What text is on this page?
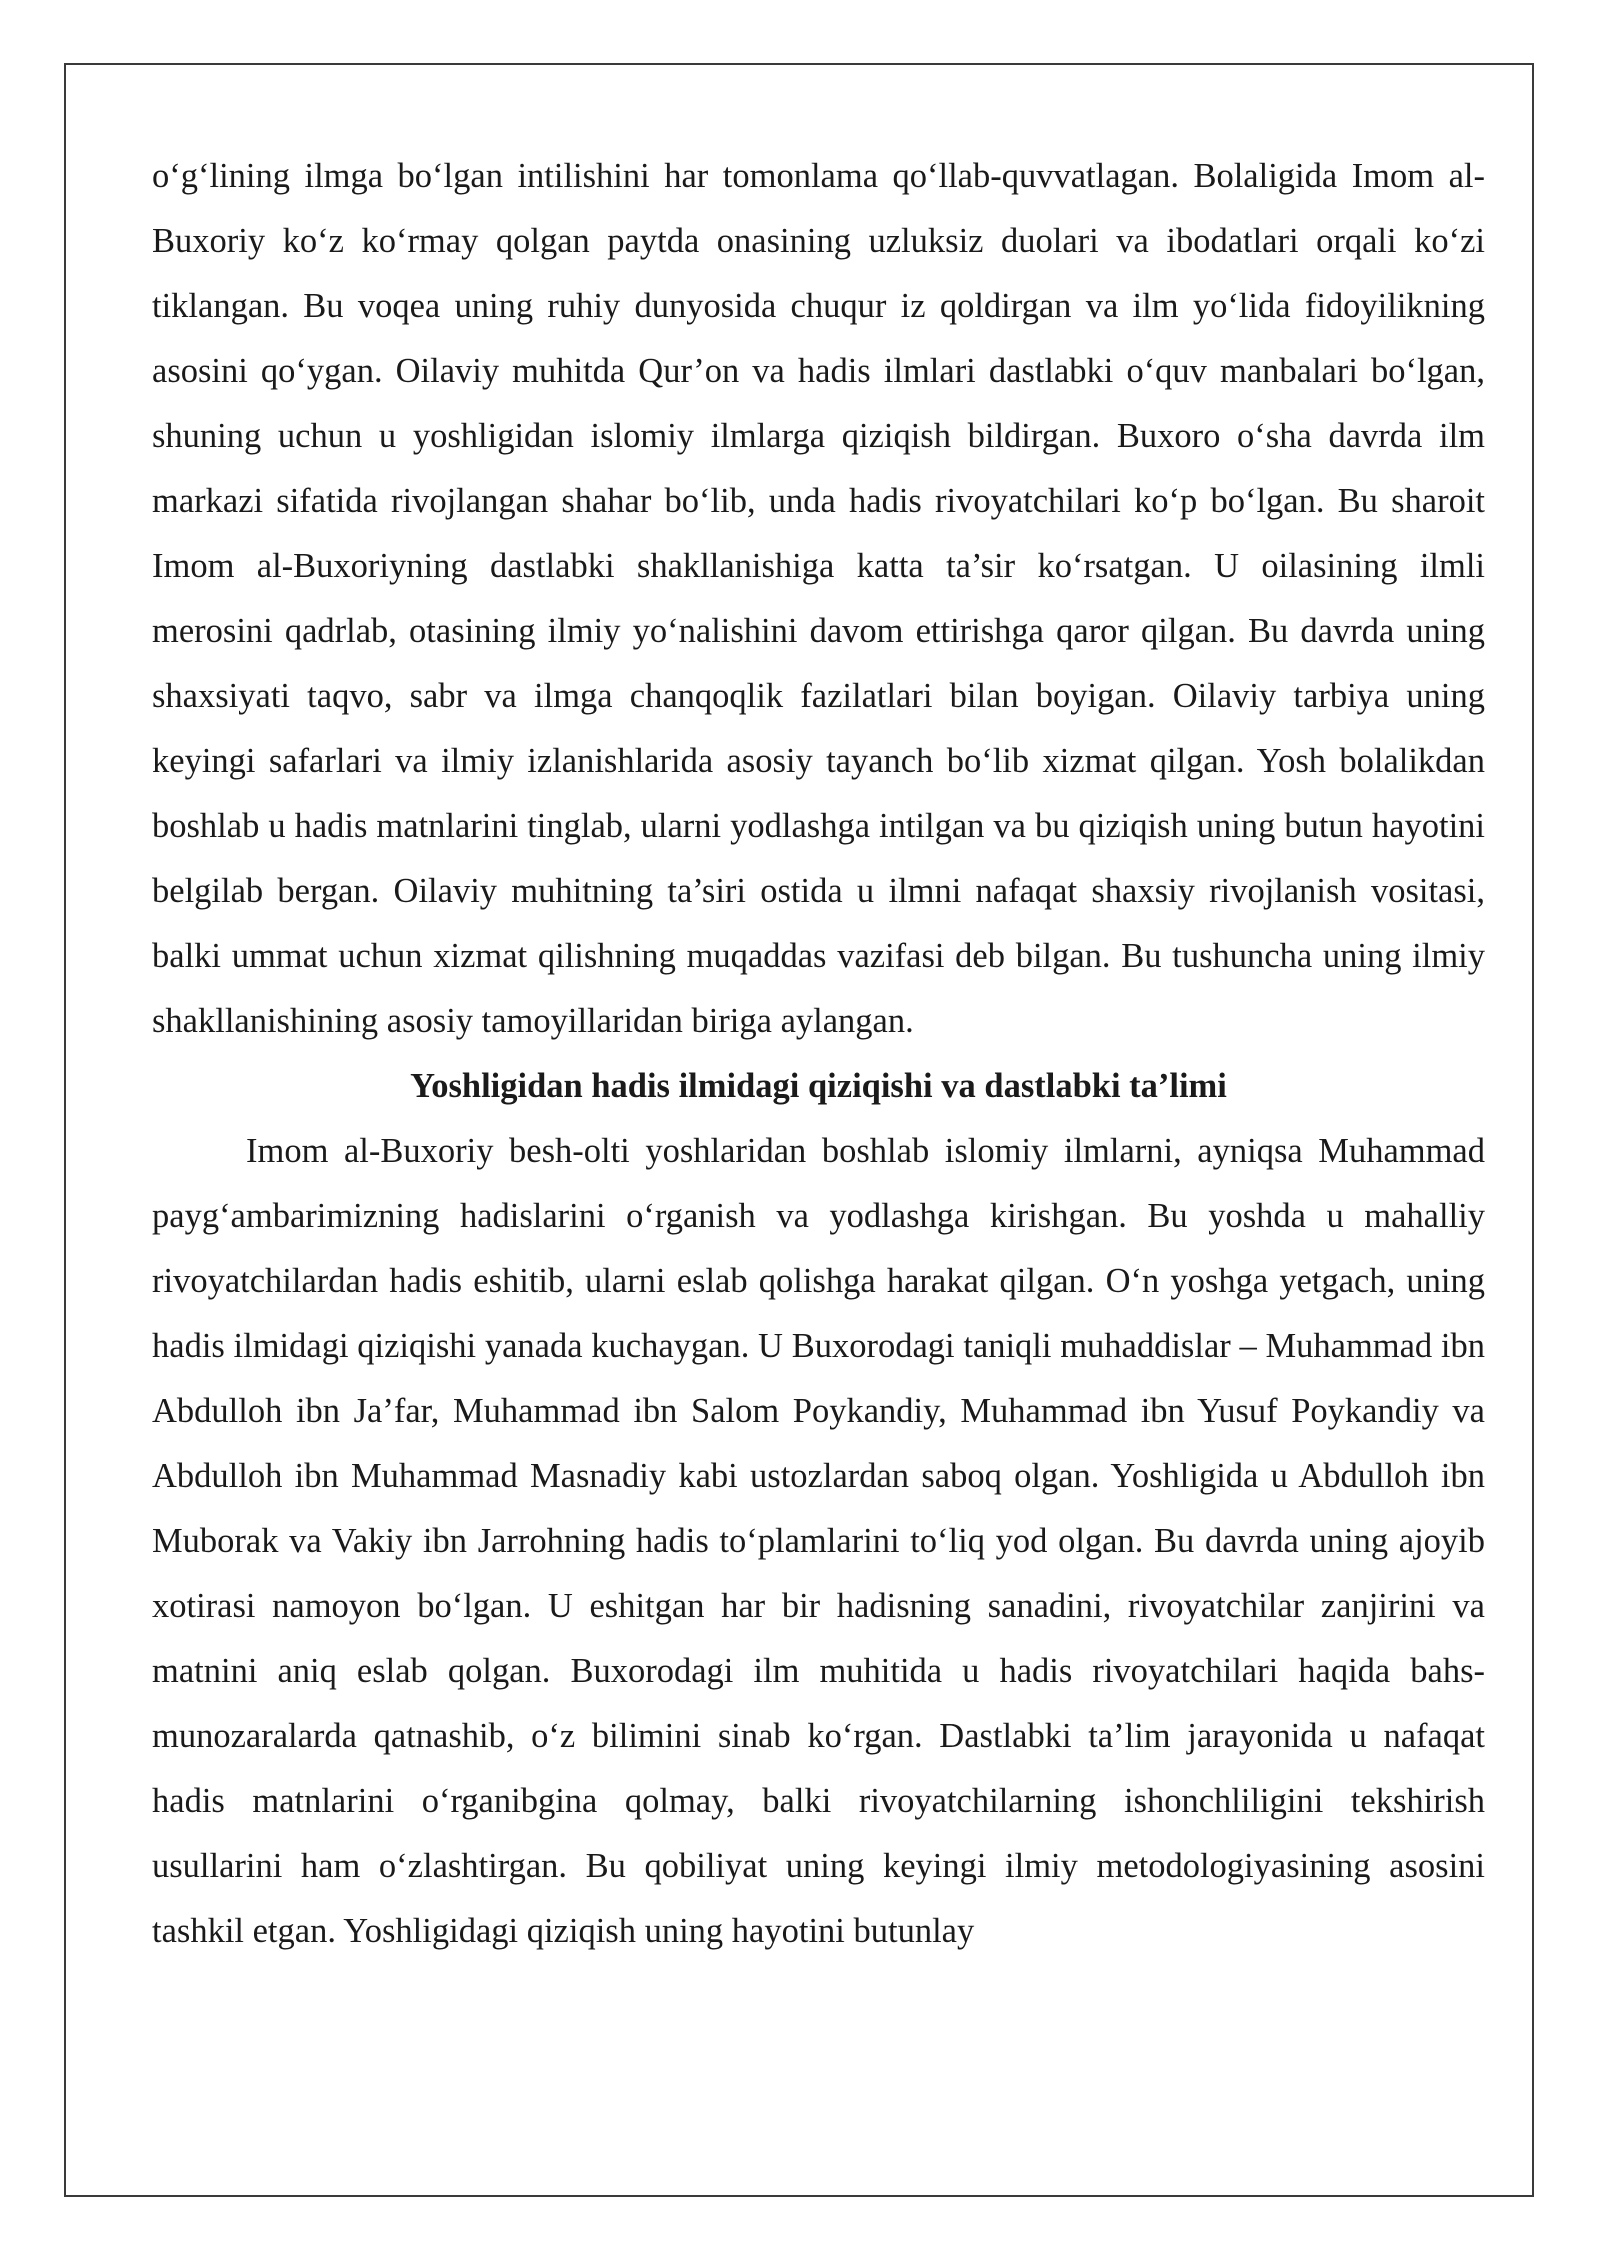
o‘g‘lining ilmga bo‘lgan intilishini har tomonlama qo‘llab-quvvatlagan. Bolaligida Imom al-Buxoriy ko‘z ko‘rmay qolgan paytda onasining uzluksiz duolari va ibodatlari orqali ko‘zi tiklangan. Bu voqea uning ruhiy dunyosida chuqur iz qoldirgan va ilm yo‘lida fidoyilikning asosini qo‘ygan. Oilaviy muhitda Qur’on va hadis ilmlari dastlabki o‘quv manbalari bo‘lgan, shuning uchun u yoshligidan islomiy ilmlarga qiziqish bildirgan. Buxoro o‘sha davrda ilm markazi sifatida rivojlangan shahar bo‘lib, unda hadis rivoyatchilari ko‘p bo‘lgan. Bu sharoit Imom al-Buxoriyning dastlabki shakllanishiga katta ta’sir ko‘rsatgan. U oilasining ilmli merosini qadrlab, otasining ilmiy yo‘nalishini davom ettirishga qaror qilgan. Bu davrda uning shaxsiyati taqvo, sabr va ilmga chanqoqlik fazilatlari bilan boyigan. Oilaviy tarbiya uning keyingi safarlari va ilmiy izlanishlarida asosiy tayanch bo‘lib xizmat qilgan. Yosh bolalikdan boshlab u hadis matnlarini tinglab, ularni yodlashga intilgan va bu qiziqish uning butun hayotini belgilab bergan. Oilaviy muhitning ta’siri ostida u ilmni nafaqat shaxsiy rivojlanish vositasi, balki ummat uchun xizmat qilishning muqaddas vazifasi deb bilgan. Bu tushuncha uning ilmiy shakllanishining asosiy tamoyillaridan biriga aylangan.

Yoshligidan hadis ilmidagi qiziqishi va dastlabki ta’limi

Imom al-Buxoriy besh-olti yoshlaridan boshlab islomiy ilmlarni, ayniqsa Muhammad payg‘ambarimizning hadislarini o‘rganish va yodlashga kirishgan. Bu yoshda u mahalliy rivoyatchilardan hadis eshitib, ularni eslab qolishga harakat qilgan. O‘n yoshga yetgach, uning hadis ilmidagi qiziqishi yanada kuchaygan. U Buxorodagi taniqli muhaddislar – Muhammad ibn Abdulloh ibn Ja’far, Muhammad ibn Salom Poykandiy, Muhammad ibn Yusuf Poykandiy va Abdulloh ibn Muhammad Masnadiy kabi ustozlardan saboq olgan. Yoshligida u Abdulloh ibn Muborak va Vakiy ibn Jarrohning hadis to‘plamlarini to‘liq yod olgan. Bu davrda uning ajoyib xotirasi namoyon bo‘lgan. U eshitgan har bir hadisning sanadini, rivoyatchilar zanjirini va matnini aniq eslab qolgan. Buxorodagi ilm muhitida u hadis rivoyatchilari haqida bahs-munozaralarda qatnashib, o‘z bilimini sinab ko‘rgan. Dastlabki ta’lim jarayonida u nafaqat hadis matnlarini o‘rganibgina qolmay, balki rivoyatchilarning ishonchliligini tekshirish usullarini ham o‘zlashtirgan. Bu qobiliyat uning keyingi ilmiy metodologiyasining asosini tashkil etgan. Yoshligidagi qiziqish uning hayotini butunlay
